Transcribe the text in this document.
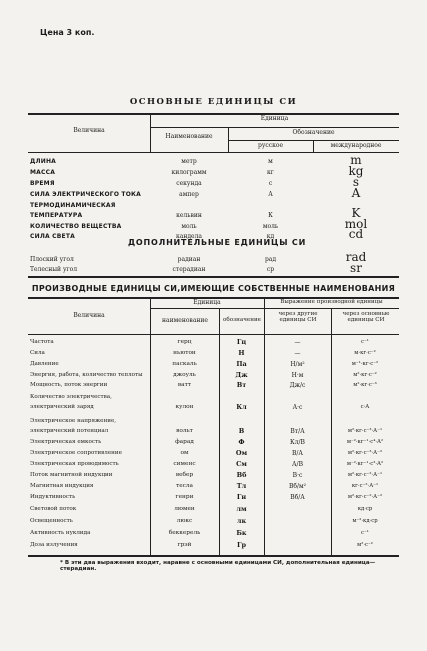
Цена 3 коп.
ОСНОВНЫЕ ЕДИНИЦЫ СИ
Величина
Единица
Наименование
Обозначение
русское	международное
ДЛИНА	метр	м	m
МАССА	килограмм	кг	kg
ВРЕМЯ	секунда	с	s
СИЛА ЭЛЕКТРИЧЕСКОГО ТОКА	ампер	А	A
ТЕРМОДИНАМИЧЕСКАЯ
ТЕМПЕРАТУРА	кельвин	К	K
КОЛИЧЕСТВО ВЕЩЕСТВА	моль	моль	mol
СИЛА СВЕТА	кандела	кд	cd
ДОПОЛНИТЕЛЬНЫЕ ЕДИНИЦЫ СИ
Плоский угол	радиан	рад	rad
Телесный угол	стерадиан	ср	sr
ПРОИЗВОДНЫЕ ЕДИНИЦЫ СИ,ИМЕЮЩИЕ СОБСТВЕННЫЕ НАИМЕНОВАНИЯ
Величина
Единица
наименование	обозначение
Выражение производной единицы
через другие единицы СИ
через основные единицы СИ
Частота	герц	Гц	—	с⁻¹
Сила	ньютон	Н	—	м·кг·с⁻²
Давление	паскаль	Па	Н/м²	м⁻¹·кг·с⁻²
Энергия, работа, количество теплоты	джоуль	Дж	Н·м	м²·кг·с⁻²
Мощность, поток энергии	ватт	Вт	Дж/с	м²·кг·с⁻³
Количество электричества,
электрический заряд	кулон	Кл	А·с	с·А
Электрическое напряжение,
электрический потенциал	вольт	В	Вт/А	м²·кг·с⁻³·А⁻¹
Электрическая емкость	фарад	Ф	Кл/В	м⁻²·кг⁻¹·с⁴·А²
Электрическое сопротивление	ом	Ом	В/А	м²·кг·с⁻³·А⁻²
Электрическая проводимость	сименс	См	А/В	м⁻²·кг⁻¹·с³·А²
Поток магнитной индукции	вебер	Вб	В·с	м²·кг·с⁻²·А⁻¹
Магнитная индукция	тесла	Тл	Вб/м²	кг·с⁻²·А⁻¹
Индуктивность	генри	Гн	Вб/А	м²·кг·с⁻²·А⁻²
Световой поток	люмен	лм	кд·ср
Освещенность	люкс	лк	м⁻²·кд·ср
Активность нуклида	беккерель	Бк	с⁻¹
Доза излучения	грэй	Гр	м²·с⁻²
* В эти два выражения входит, наравне с основными единицами СИ, дополнительная единица—стерадиан.
